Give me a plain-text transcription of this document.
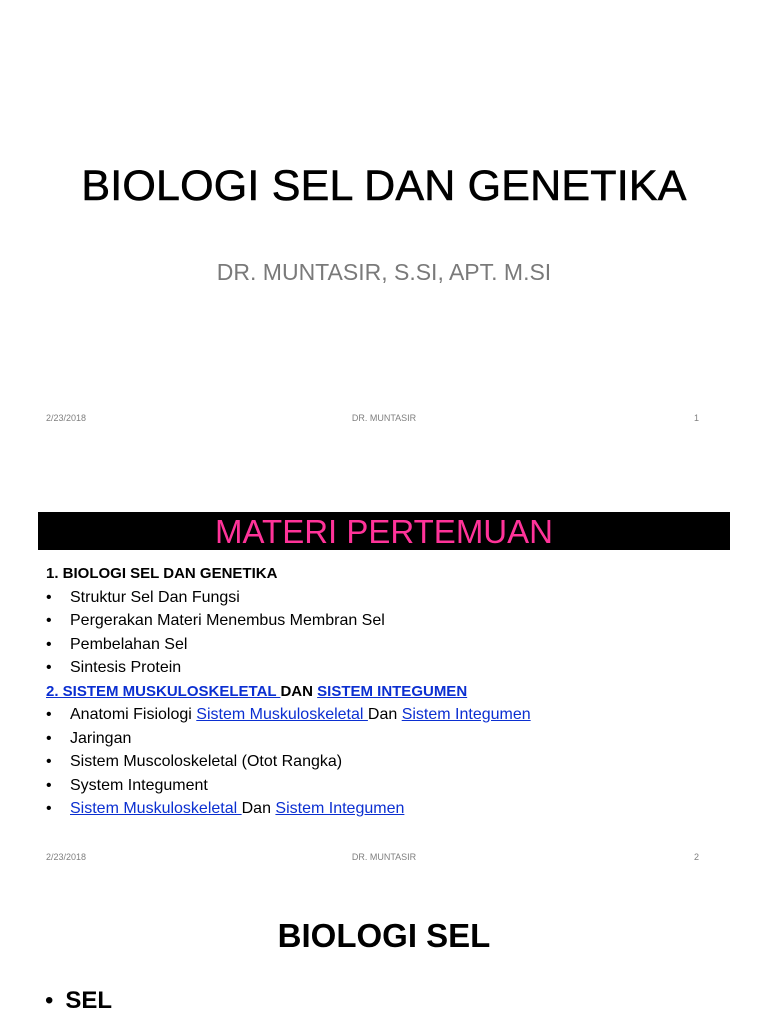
BIOLOGI SEL DAN GENETIKA
DR. MUNTASIR, S.SI, APT. M.SI
2/23/2018	DR. MUNTASIR	1
MATERI PERTEMUAN
1. BIOLOGI SEL DAN GENETIKA
• Struktur Sel Dan Fungsi
• Pergerakan Materi Menembus Membran Sel
• Pembelahan Sel
• Sintesis Protein
2. SISTEM MUSKULOSKELETAL DAN SISTEM INTEGUMEN
• Anatomi Fisiologi Sistem Muskuloskeletal Dan Sistem Integumen
• Jaringan
• Sistem Muscoloskeletal (Otot Rangka)
• System Integument
• Sistem Muskuloskeletal Dan Sistem Integumen
2/23/2018	DR. MUNTASIR	2
BIOLOGI SEL
• SEL
